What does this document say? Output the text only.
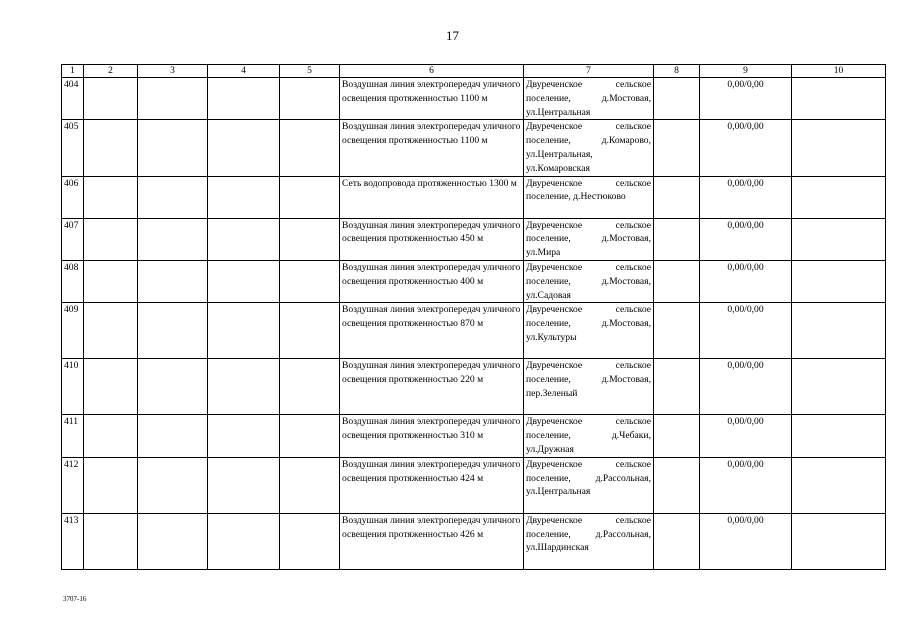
17
1	2	3	4	5	6	7	8	9	10
404					Воздушная линия электропередач уличного освещения протяженностью 1100 м	Двуреченское сельское поселение, д.Мостовая, ул.Центральная		0,00/0,00	
405					Воздушная линия электропередач уличного освещения протяженностью 1100 м	Двуреченское сельское поселение, д.Комарово, ул.Центральная, ул.Комаровская		0,00/0,00	
406					Сеть водопровода протяженностью 1300 м	Двуреченское сельское поселение, д.Нестюково		0,00/0,00	
407					Воздушная линия электропередач уличного освещения протяженностью 450 м	Двуреченское сельское поселение, д.Мостовая, ул.Мира		0,00/0,00	
408					Воздушная линия электропередач уличного освещения протяженностью 400 м	Двуреченское сельское поселение, д.Мостовая, ул.Садовая		0,00/0,00	
409					Воздушная линия электропередач уличного освещения протяженностью 870 м	Двуреченское сельское поселение, д.Мостовая, ул.Культуры		0,00/0,00	
410					Воздушная линия электропередач уличного освещения протяженностью 220 м	Двуреченское сельское поселение, д.Мостовая, пер.Зеленый		0,00/0,00	
411					Воздушная линия электропередач уличного освещения протяженностью 310 м	Двуреченское сельское поселение, д.Чебаки, ул.Дружная		0,00/0,00	
412					Воздушная линия электропередач уличного освещения протяженностью 424 м	Двуреченское сельское поселение, д.Рассольная, ул.Центральная		0,00/0,00	
413					Воздушная линия электропередач уличного освещения протяженностью 426 м	Двуреченское сельское поселение, д.Рассольная, ул.Шардинская		0,00/0,00	
3707-16
